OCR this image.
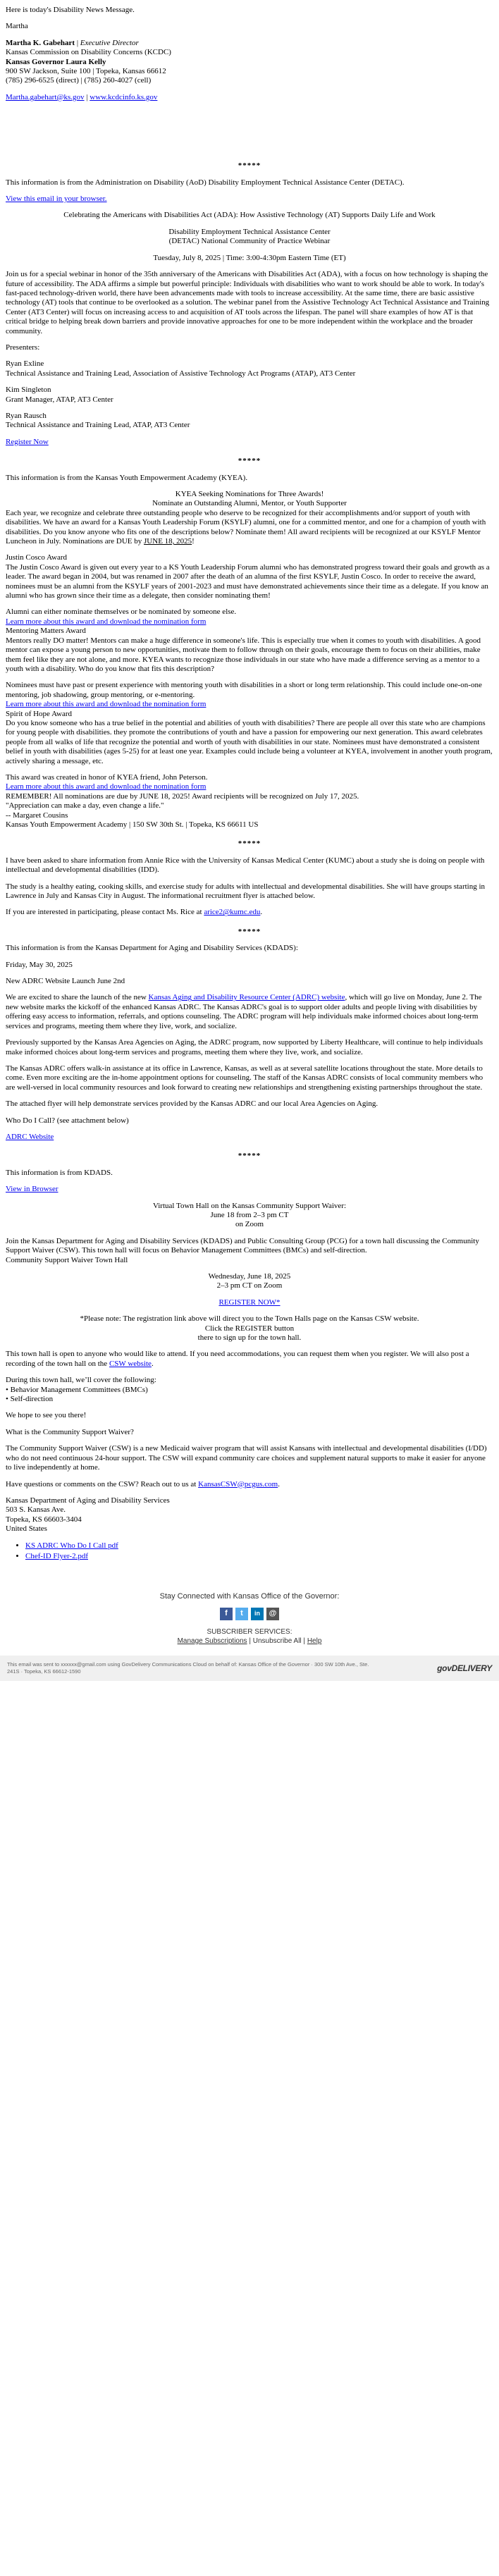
Here is today's Disability News Message.

Martha

Martha K. Gabehart | Executive Director
Kansas Commission on Disability Concerns (KCDC)
Kansas Governor Laura Kelly
900 SW Jackson, Suite 100 | Topeka, Kansas 66612
(785) 296-6525 (direct) | (785) 260-4027 (cell)
Martha.gabehart@ks.gov | www.kcdcinfo.ks.gov
*****

This information is from the Administration on Disability (AoD) Disability Employment Technical Assistance Center (DETAC).

View this email in your browser.

Celebrating the Americans with Disabilities Act (ADA): How Assistive Technology (AT) Supports Daily Life and Work

Disability Employment Technical Assistance Center

(DETAC) National Community of Practice Webinar

Tuesday, July 8, 2025 | Time: 3:00-4:30pm Eastern Time (ET)

Join us for a special webinar in honor of the 35th anniversary of the Americans with Disabilities Act (ADA), with a focus on how technology is shaping the future of accessibility. The ADA affirms a simple but powerful principle: Individuals with disabilities who want to work should be able to work. In today's fast-paced technology-driven world, there have been advancements made with tools to increase accessibility. At the same time, there are basic assistive technology (AT) tools that continue to be overlooked as a solution. The webinar panel from the Assistive Technology Act Technical Assistance and Training Center (AT3 Center) will focus on increasing access to and acquisition of AT tools across the lifespan. The panel will share examples of how AT is that critical bridge to helping break down barriers and provide innovative approaches for one to be more independent within the workplace and the broader community.

Presenters:

Ryan Exline
Technical Assistance and Training Lead, Association of Assistive Technology Act Programs (ATAP), AT3 Center

Kim Singleton
Grant Manager, ATAP, AT3 Center

Ryan Rausch
Technical Assistance and Training Lead, ATAP, AT3 Center

Register Now

*****

This information is from the Kansas Youth Empowerment Academy (KYEA).

KYEA Seeking Nominations for Three Awards!
Nominate an Outstanding Alumni, Mentor, or Youth Supporter

Each year, we recognize and celebrate three outstanding people who deserve to be recognized for their accomplishments and/or support of youth with disabilities. We have an award for a Kansas Youth Leadership Forum (KSYLF) alumni, one for a committed mentor, and one for a champion of youth with disabilities. Do you know anyone who fits one of the descriptions below? Nominate them! All award recipients will be recognized at our KSYLF Mentor Luncheon in July. Nominations are DUE by JUNE 18, 2025!

Justin Cosco Award

The Justin Cosco Award is given out every year to a KS Youth Leadership Forum alumni who has demonstrated progress toward their goals and growth as a leader. The award began in 2004, but was renamed in 2007 after the death of an alumna of the first KSYLF, Justin Cosco. In order to receive the award, nominees must be an alumni from the KSYLF years of 2001-2023 and must have demonstrated achievements since their time as a delegate. If you know an alumni who has grown since their time as a delegate, then consider nominating them!

Alumni can either nominate themselves or be nominated by someone else.
Learn more about this award and download the nomination form
Mentoring Matters Award

Mentors really DO matter! Mentors can make a huge difference in someone's life. This is especially true when it comes to youth with disabilities. A good mentor can expose a young person to new opportunities, motivate them to follow through on their goals, encourage them to focus on their abilities, make them feel like they are not alone, and more. KYEA wants to recognize those individuals in our state who have made a difference serving as a mentor to a youth with a disability. Who do you know that fits this description?

Nominees must have past or present experience with mentoring youth with disabilities in a short or long term relationship. This could include one-on-one mentoring, job shadowing, group mentoring, or e-mentoring.
Learn more about this award and download the nomination form
Spirit of Hope Award

Do you know someone who has a true belief in the potential and abilities of youth with disabilities? There are people all over this state who are champions for young people with disabilities. they promote the contributions of youth and have a passion for empowering our next generation. This award celebrates people from all walks of life that recognize the potential and worth of youth with disabilities in our state. Nominees must have demonstrated a consistent belief in youth with disabilities (ages 5-25) for at least one year. Examples could include being a volunteer at KYEA, involvement in another youth program, actively sharing a message, etc.

This award was created in honor of KYEA friend, John Peterson.
Learn more about this award and download the nomination form
REMEMBER! All nominations are due by JUNE 18, 2025! Award recipients will be recognized on July 17, 2025.
"Appreciation can make a day, even change a life."
-- Margaret Cousins
Kansas Youth Empowerment Academy | 150 SW 30th St. | Topeka, KS 66611 US
*****

I have been asked to share information from Annie Rice with the University of Kansas Medical Center (KUMC) about a study she is doing on people with intellectual and developmental disabilities (IDD).

The study is a healthy eating, cooking skills, and exercise study for adults with intellectual and developmental disabilities. She will have groups starting in Lawrence in July and Kansas City in August. The informational recruitment flyer is attached below.

If you are interested in participating, please contact Ms. Rice at arice2@kumc.edu.

*****

This information is from the Kansas Department for Aging and Disability Services (KDADS):

Friday, May 30, 2025

New ADRC Website Launch June 2nd

We are excited to share the launch of the new Kansas Aging and Disability Resource Center (ADRC) website, which will go live on Monday, June 2. The new website marks the kickoff of the enhanced Kansas ADRC. The Kansas ADRC's goal is to support older adults and people living with disabilities by offering easy access to information, referrals, and options counseling. The ADRC program will help individuals make informed choices about long-term services and programs, meeting them where they live, work, and socialize.

Previously supported by the Kansas Area Agencies on Aging, the ADRC program, now supported by Liberty Healthcare, will continue to help individuals make informed choices about long-term services and programs, meeting them where they live, work, and socialize.

The Kansas ADRC offers walk-in assistance at its office in Lawrence, Kansas, as well as at several satellite locations throughout the state. More details to come. Even more exciting are the in-home appointment options for counseling. The staff of the Kansas ADRC consists of local community members who are well-versed in local community resources and look forward to creating new relationships and strengthening existing partnerships throughout the state.

The attached flyer will help demonstrate services provided by the Kansas ADRC and our local Area Agencies on Aging.

Who Do I Call? (see attachment below)

ADRC Website

*****

This information is from KDADS.

View in Browser

Virtual Town Hall on the Kansas Community Support Waiver:
June 18 from 2–3 pm CT

on Zoom

Join the Kansas Department for Aging and Disability Services (KDADS) and Public Consulting Group (PCG) for a town hall discussing the Community Support Waiver (CSW). This town hall will focus on Behavior Management Committees (BMCs) and self-direction.

Community Support Waiver Town Hall

Wednesday, June 18, 2025

2–3 pm CT on Zoom

REGISTER NOW*

*Please note: The registration link above will direct you to the Town Halls page on the Kansas CSW website.
Click the REGISTER button

there to sign up for the town hall.

This town hall is open to anyone who would like to attend. If you need accommodations, you can request them when you register. We will also post a recording of the town hall on the CSW website.

During this town hall, we’ll cover the following:
• Behavior Management Committees (BMCs)

• Self-direction

We hope to see you there!

What is the Community Support Waiver?

The Community Support Waiver (CSW) is a new Medicaid waiver program that will assist Kansans with intellectual and developmental disabilities (I/DD) who do not need continuous 24-hour support. The CSW will expand community care choices and supplement natural supports to make it easier for anyone to live independently at home.

Have questions or comments on the CSW? Reach out to us at KansasCSW@pcgus.com.

Kansas Department of Aging and Disability Services
503 S. Kansas Ave.
Topeka, KS 66603-3404
United States
• KS ADRC Who Do I Call pdf
• Chef-ID Flyer-2.pdf
Stay Connected with Kansas Office of the Governor:
f	t	in	@
SUBSCRIBER SERVICES:
Manage Subscriptions | Unsubscribe All | Help
This email was sent to xxxxxx@gmail.com using GovDelivery Communications Cloud on behalf of: Kansas Office of the Governor · 300 SW 10th Ave., Ste. 241S · Topeka, KS 66612-1590	govDELIVERY
